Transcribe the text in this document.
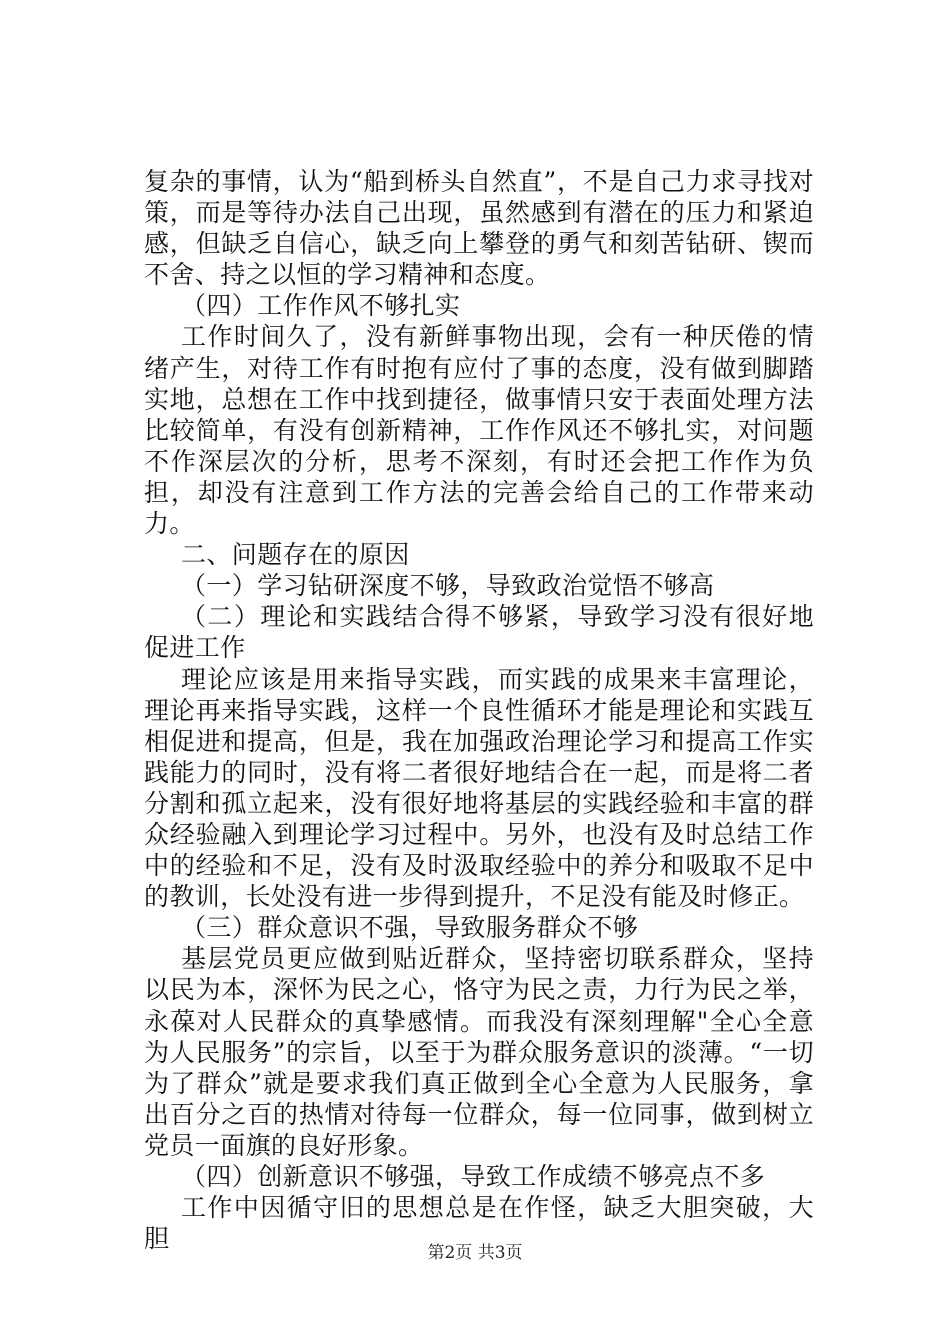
复杂的事情，认为“船到桥头自然直”，不是自己力求寻找对策，而是等待办法自己出现，虽然感到有潜在的压力和紧迫感，但缺乏自信心，缺乏向上攀登的勇气和刻苦钻研、锲而不舍、持之以恒的学习精神和态度。

（四）工作作风不够扎实

工作时间久了，没有新鲜事物出现，会有一种厌倦的情绪产生，对待工作有时抱有应付了事的态度，没有做到脚踏实地，总想在工作中找到捷径，做事情只安于表面处理方法比较简单，有没有创新精神，工作作风还不够扎实，对问题不作深层次的分析，思考不深刻，有时还会把工作作为负担，却没有注意到工作方法的完善会给自己的工作带来动力。

二、问题存在的原因

（一）学习钻研深度不够，导致政治觉悟不够高

（二）理论和实践结合得不够紧，导致学习没有很好地促进工作

理论应该是用来指导实践，而实践的成果来丰富理论，理论再来指导实践，这样一个良性循环才能是理论和实践互相促进和提高，但是，我在加强政治理论学习和提高工作实践能力的同时，没有将二者很好地结合在一起，而是将二者分割和孤立起来，没有很好地将基层的实践经验和丰富的群众经验融入到理论学习过程中。另外，也没有及时总结工作中的经验和不足，没有及时汲取经验中的养分和吸取不足中的教训，长处没有进一步得到提升，不足没有能及时修正。

（三）群众意识不强，导致服务群众不够

基层党员更应做到贴近群众，坚持密切联系群众，坚持以民为本，深怀为民之心，恪守为民之责，力行为民之举，永葆对人民群众的真挚感情。而我没有深刻理解"全心全意为人民服务”的宗旨，以至于为群众服务意识的淡薄。“一切为了群众”就是要求我们真正做到全心全意为人民服务，拿出百分之百的热情对待每一位群众，每一位同事，做到树立党员一面旗的良好形象。

（四）创新意识不够强，导致工作成绩不够亮点不多

工作中因循守旧的思想总是在作怪，缺乏大胆突破，大胆	第2页 共3页
